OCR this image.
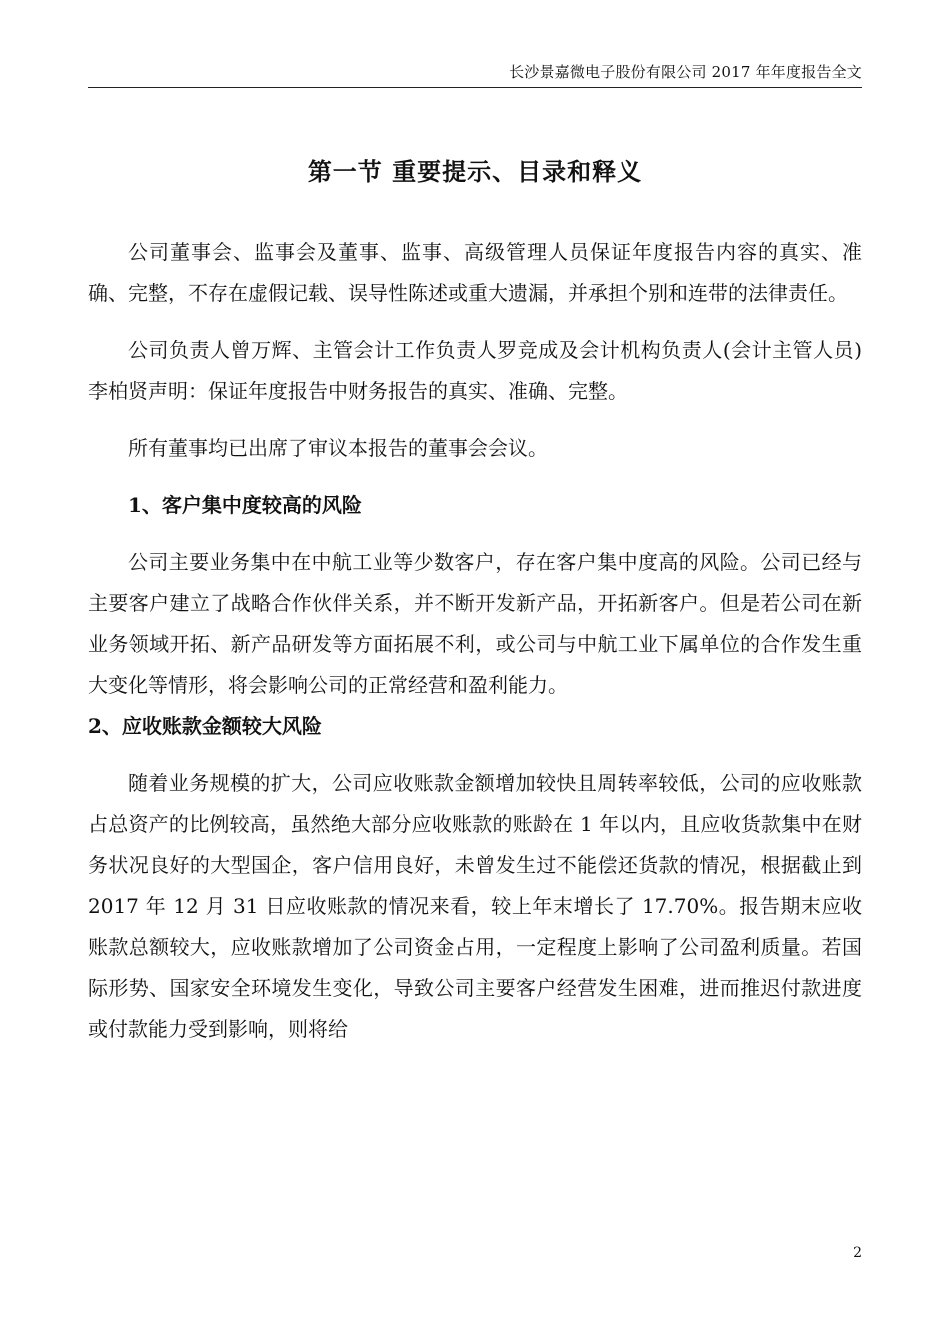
长沙景嘉微电子股份有限公司 2017 年年度报告全文
第一节 重要提示、目录和释义

公司董事会、监事会及董事、监事、高级管理人员保证年度报告内容的真实、准确、完整，不存在虚假记载、误导性陈述或重大遗漏，并承担个别和连带的法律责任。

公司负责人曾万辉、主管会计工作负责人罗竞成及会计机构负责人(会计主管人员)李柏贤声明：保证年度报告中财务报告的真实、准确、完整。

所有董事均已出席了审议本报告的董事会会议。

1、客户集中度较高的风险

公司主要业务集中在中航工业等少数客户，存在客户集中度高的风险。公司已经与主要客户建立了战略合作伙伴关系，并不断开发新产品，开拓新客户。但是若公司在新业务领域开拓、新产品研发等方面拓展不利，或公司与中航工业下属单位的合作发生重大变化等情形，将会影响公司的正常经营和盈利能力。

2、应收账款金额较大风险

随着业务规模的扩大，公司应收账款金额增加较快且周转率较低，公司的应收账款占总资产的比例较高，虽然绝大部分应收账款的账龄在 1 年以内，且应收货款集中在财务状况良好的大型国企，客户信用良好，未曾发生过不能偿还货款的情况，根据截止到 2017 年 12 月 31 日应收账款的情况来看，较上年末增长了 17.70%。报告期末应收账款总额较大，应收账款增加了公司资金占用，一定程度上影响了公司盈利质量。若国际形势、国家安全环境发生变化，导致公司主要客户经营发生困难，进而推迟付款进度或付款能力受到影响，则将给

2
